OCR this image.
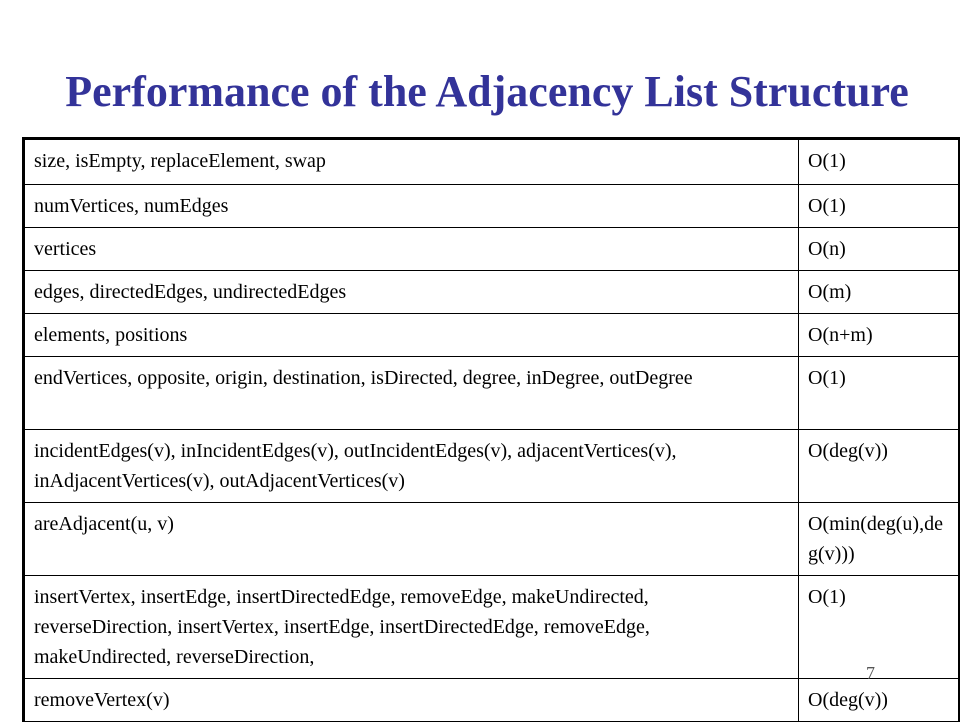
Performance of the Adjacency List Structure
size, isEmpty, replaceElement, swap	O(1)
numVertices, numEdges	O(1)
vertices	O(n)
edges, directedEdges, undirectedEdges	O(m)
elements, positions	O(n+m)
endVertices, opposite, origin, destination, isDirected, degree, inDegree, outDegree	O(1)
incidentEdges(v), inIncidentEdges(v), outIncidentEdges(v), adjacentVertices(v), inAdjacentVertices(v), outAdjacentVertices(v)	O(deg(v))
areAdjacent(u, v)	O(min(deg(u),deg(v)))
insertVertex, insertEdge, insertDirectedEdge, removeEdge, makeUndirected, reverseDirection, insertVertex, insertEdge, insertDirectedEdge, removeEdge, makeUndirected, reverseDirection,	O(1)
removeVertex(v)	O(deg(v))
7
